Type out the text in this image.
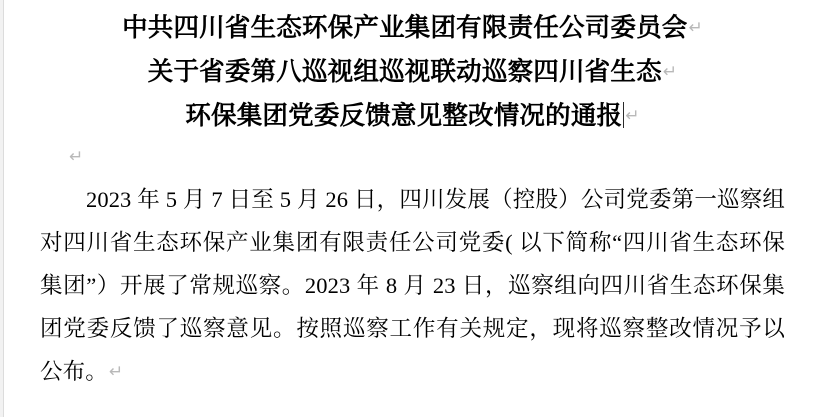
中共四川省生态环保产业集团有限责任公司委员会↵
关于省委第八巡视组巡视联动巡察四川省生态↵
环保集团党委反馈意见整改情况的通报 ↵
↵
2023 年 5 月 7 日至 5 月 26 日，四川发展（控股）公司党委第一巡察组对四川省生态环保产业集团有限责任公司党委( 以下简称“四川省生态环保集团”）开展了常规巡察。2023 年 8 月 23 日，巡察组向四川省生态环保集团党委反馈了巡察意见。按照巡察工作有关规定，现将巡察整改情况予以公布。↵
